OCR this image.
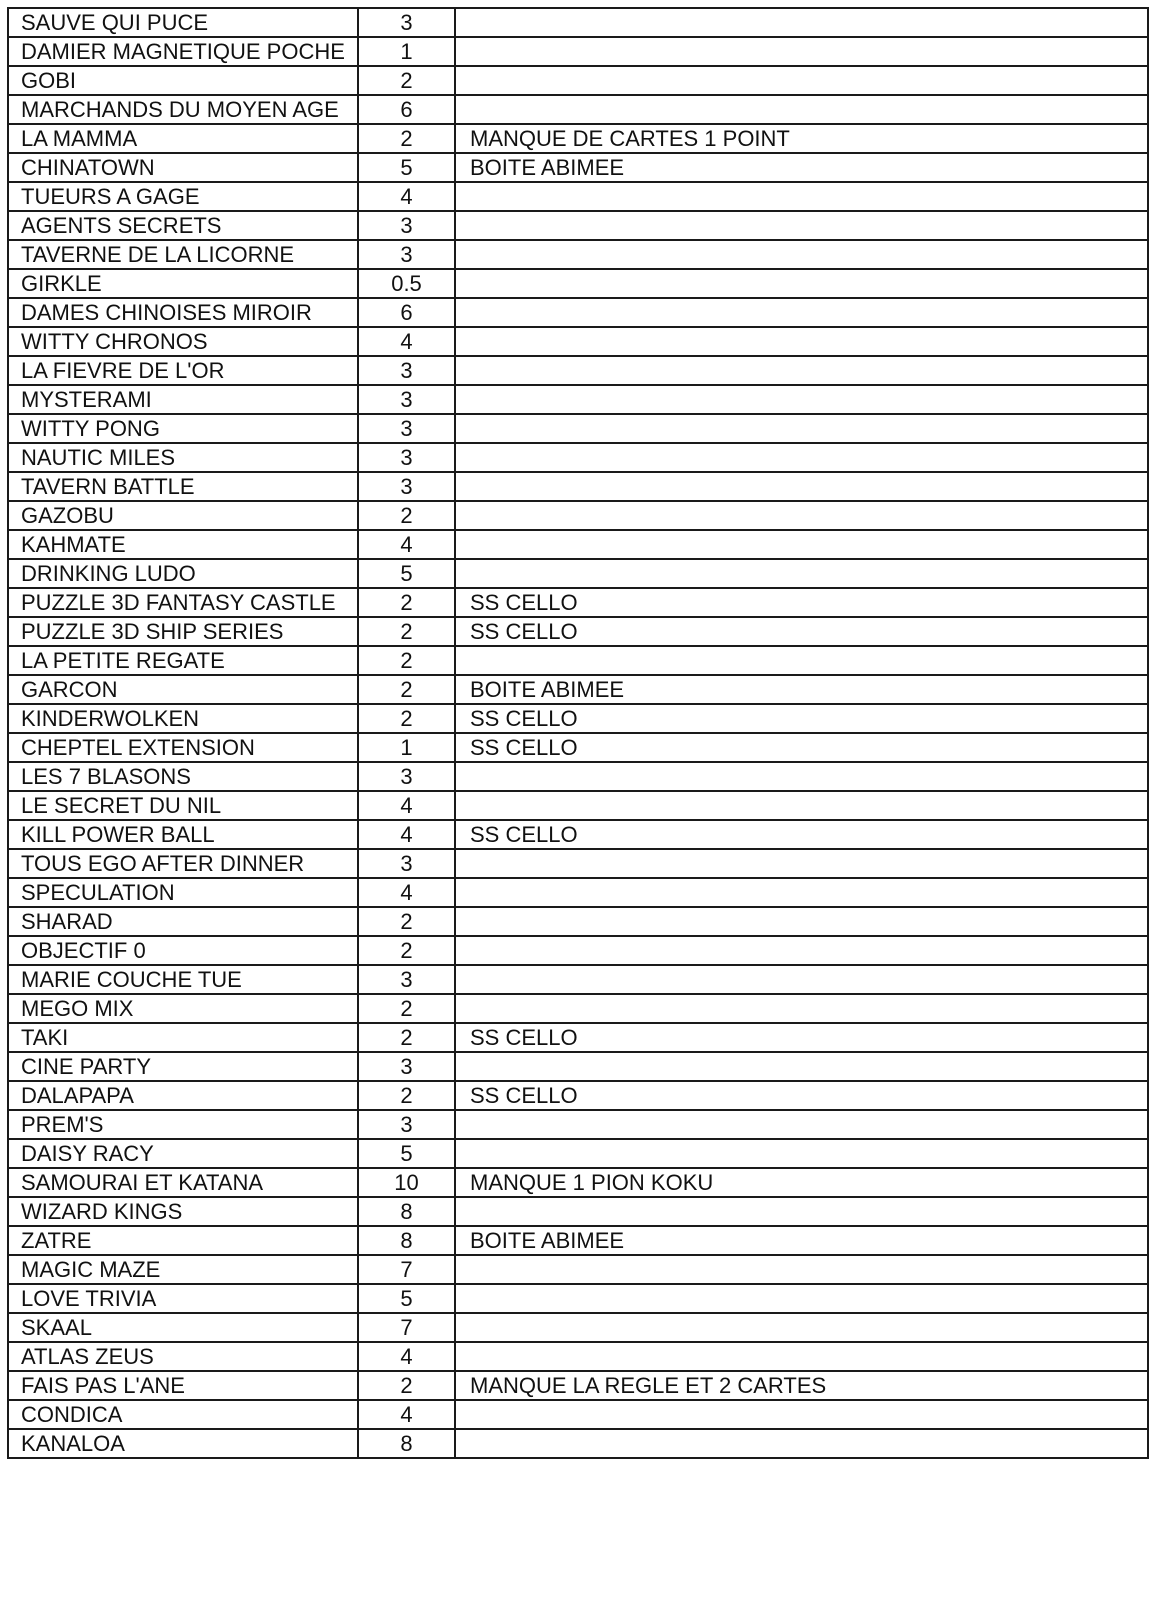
SAUVE QUI PUCE	3	
DAMIER MAGNETIQUE POCHE	1	
GOBI	2	
MARCHANDS DU MOYEN AGE	6	
LA MAMMA	2	MANQUE DE CARTES 1 POINT
CHINATOWN	5	BOITE ABIMEE
TUEURS A GAGE	4	
AGENTS SECRETS	3	
TAVERNE DE LA LICORNE	3	
GIRKLE	0.5	
DAMES CHINOISES MIROIR	6	
WITTY CHRONOS	4	
LA FIEVRE DE L'OR	3	
MYSTERAMI	3	
WITTY PONG	3	
NAUTIC MILES	3	
TAVERN BATTLE	3	
GAZOBU	2	
KAHMATE	4	
DRINKING LUDO	5	
PUZZLE 3D FANTASY CASTLE	2	SS CELLO
PUZZLE 3D SHIP SERIES	2	SS CELLO
LA PETITE REGATE	2	
GARCON	2	BOITE ABIMEE
KINDERWOLKEN	2	SS CELLO
CHEPTEL EXTENSION	1	SS CELLO
LES 7 BLASONS	3	
LE SECRET DU NIL	4	
KILL POWER BALL	4	SS CELLO
TOUS EGO AFTER DINNER	3	
SPECULATION	4	
SHARAD	2	
OBJECTIF 0	2	
MARIE COUCHE TUE	3	
MEGO MIX	2	
TAKI	2	SS CELLO
CINE PARTY	3	
DALAPAPA	2	SS CELLO
PREM'S	3	
DAISY RACY	5	
SAMOURAI ET KATANA	10	MANQUE 1 PION KOKU
WIZARD KINGS	8	
ZATRE	8	BOITE ABIMEE
MAGIC MAZE	7	
LOVE TRIVIA	5	
SKAAL	7	
ATLAS ZEUS	4	
FAIS PAS L'ANE	2	MANQUE LA REGLE ET 2 CARTES
CONDICA	4	
KANALOA	8	
